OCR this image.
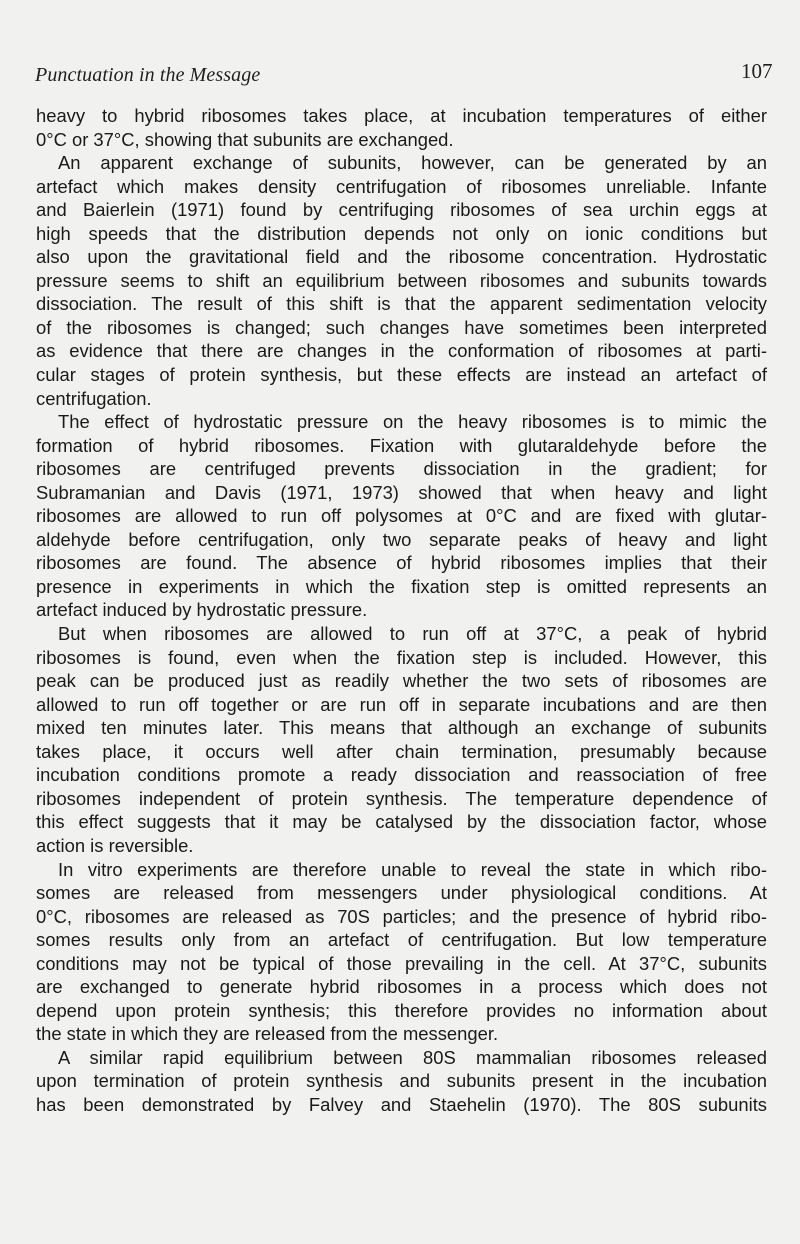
Punctuation in the Message	107

heavy to hybrid ribosomes takes place, at incubation temperatures of either
0°C or 37°C, showing that subunits are exchanged.

An apparent exchange of subunits, however, can be generated by an
artefact which makes density centrifugation of ribosomes unreliable. Infante
and Baierlein (1971) found by centrifuging ribosomes of sea urchin eggs at
high speeds that the distribution depends not only on ionic conditions but
also upon the gravitational field and the ribosome concentration. Hydrostatic
pressure seems to shift an equilibrium between ribosomes and subunits towards
dissociation. The result of this shift is that the apparent sedimentation velocity
of the ribosomes is changed; such changes have sometimes been interpreted
as evidence that there are changes in the conformation of ribosomes at parti-
cular stages of protein synthesis, but these effects are instead an artefact of
centrifugation.

The effect of hydrostatic pressure on the heavy ribosomes is to mimic the
formation of hybrid ribosomes. Fixation with glutaraldehyde before the
ribosomes are centrifuged prevents dissociation in the gradient; for
Subramanian and Davis (1971, 1973) showed that when heavy and light
ribosomes are allowed to run off polysomes at 0°C and are fixed with glutar-
aldehyde before centrifugation, only two separate peaks of heavy and light
ribosomes are found. The absence of hybrid ribosomes implies that their
presence in experiments in which the fixation step is omitted represents an
artefact induced by hydrostatic pressure.

But when ribosomes are allowed to run off at 37°C, a peak of hybrid
ribosomes is found, even when the fixation step is included. However, this
peak can be produced just as readily whether the two sets of ribosomes are
allowed to run off together or are run off in separate incubations and are then
mixed ten minutes later. This means that although an exchange of subunits
takes place, it occurs well after chain termination, presumably because
incubation conditions promote a ready dissociation and reassociation of free
ribosomes independent of protein synthesis. The temperature dependence of
this effect suggests that it may be catalysed by the dissociation factor, whose
action is reversible.

In vitro experiments are therefore unable to reveal the state in which ribo-
somes are released from messengers under physiological conditions. At
0°C, ribosomes are released as 70S particles; and the presence of hybrid ribo-
somes results only from an artefact of centrifugation. But low temperature
conditions may not be typical of those prevailing in the cell. At 37°C, subunits
are exchanged to generate hybrid ribosomes in a process which does not
depend upon protein synthesis; this therefore provides no information about
the state in which they are released from the messenger.

A similar rapid equilibrium between 80S mammalian ribosomes released
upon termination of protein synthesis and subunits present in the incubation
has been demonstrated by Falvey and Staehelin (1970). The 80S subunits
